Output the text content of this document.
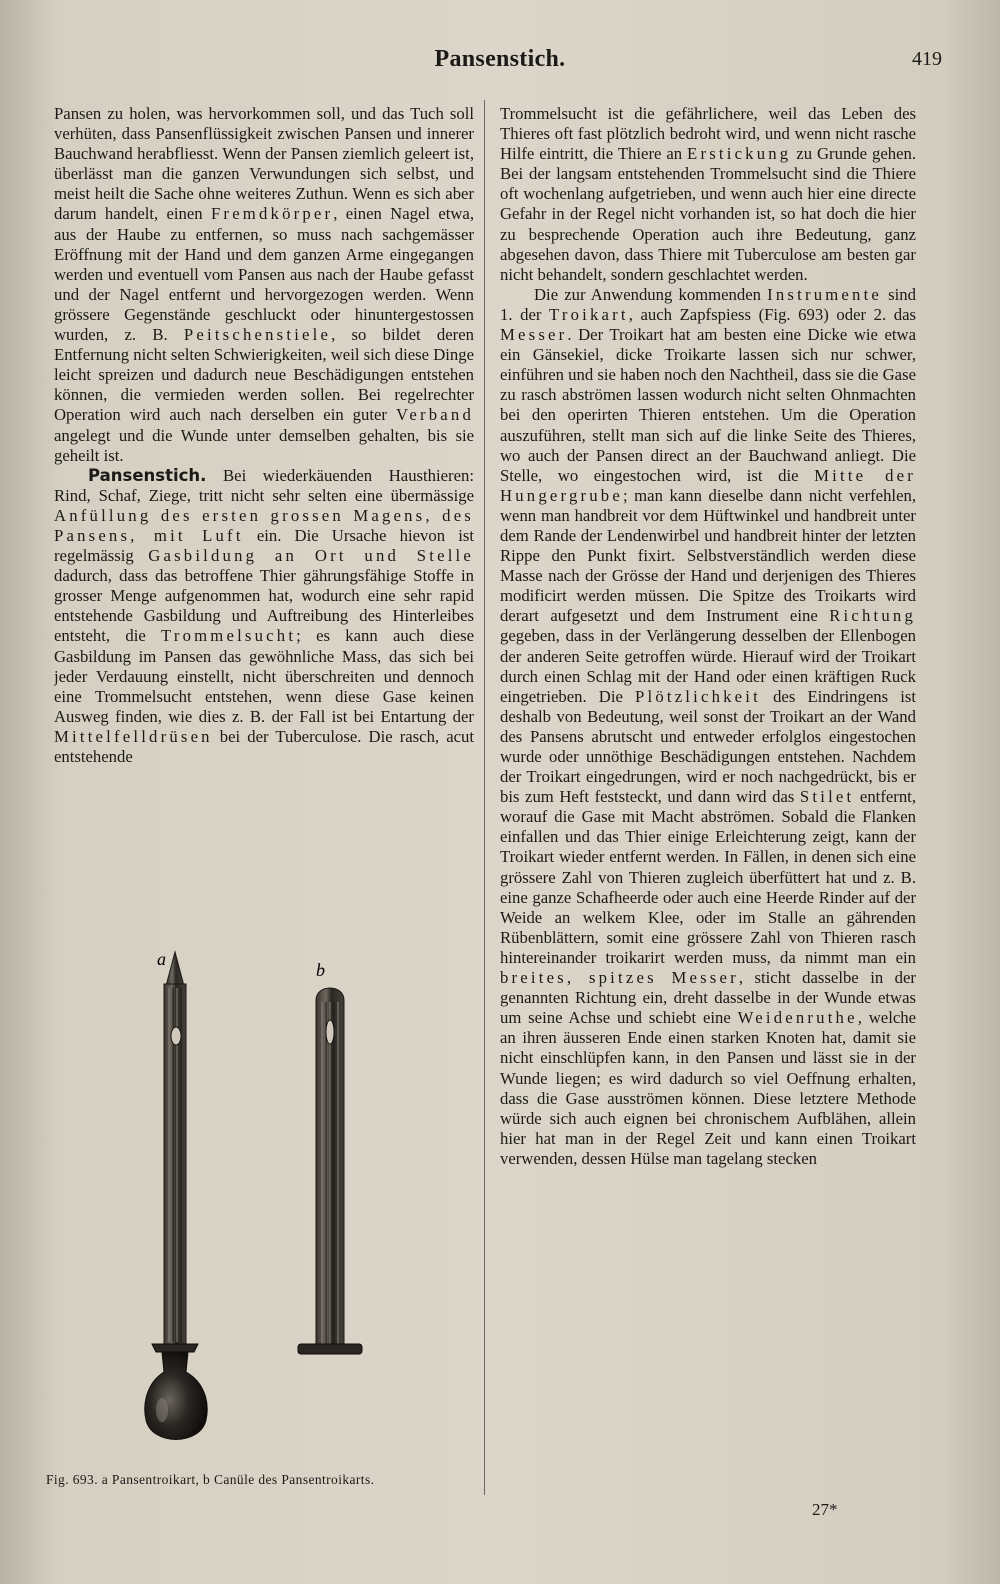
Pansenstich.	419

Pansen zu holen, was hervorkommen soll, und das Tuch soll verhüten, dass Pansenflüssigkeit zwischen Pansen und innerer Bauchwand herabfliesst. Wenn der Pansen ziemlich geleert ist, überlässt man die ganzen Verwundungen sich selbst, und meist heilt die Sache ohne weiteres Zuthun. Wenn es sich aber darum handelt, einen Fremdkörper, einen Nagel etwa, aus der Haube zu entfernen, so muss nach sachgemässer Eröffnung mit der Hand und dem ganzen Arme eingegangen werden und eventuell vom Pansen aus nach der Haube gefasst und der Nagel entfernt und hervorgezogen werden. Wenn grössere Gegenstände geschluckt oder hinuntergestossen wurden, z. B. Peitschenstiele, so bildet deren Entfernung nicht selten Schwierigkeiten, weil sich diese Dinge leicht spreizen und dadurch neue Beschädigungen entstehen können, die vermieden werden sollen. Bei regelrechter Operation wird auch nach derselben ein guter Verband angelegt und die Wunde unter demselben gehalten, bis sie geheilt ist.

Pansenstich. Bei wiederkäuenden Hausthieren: Rind, Schaf, Ziege, tritt nicht sehr selten eine übermässige Anfüllung des ersten grossen Magens, des Pansens, mit Luft ein. Die Ursache hievon ist regelmässig Gasbildung an Ort und Stelle dadurch, dass das betroffene Thier gährungsfähige Stoffe in grosser Menge aufgenommen hat, wodurch eine sehr rapid entstehende Gasbildung und Auftreibung des Hinterleibes entsteht, die Trommelsucht; es kann auch diese Gasbildung im Pansen das gewöhnliche Mass, das sich bei jeder Verdauung einstellt, nicht überschreiten und dennoch eine Trommelsucht entstehen, wenn diese Gase keinen Ausweg finden, wie dies z. B. der Fall ist bei Entartung der Mittelfelldrüsen bei der Tuberculose. Die rasch, acut entstehende

Trommelsucht ist die gefährlichere, weil das Leben des Thieres oft fast plötzlich bedroht wird, und wenn nicht rasche Hilfe eintritt, die Thiere an Erstickung zu Grunde gehen. Bei der langsam entstehenden Trommelsucht sind die Thiere oft wochenlang aufgetrieben, und wenn auch hier eine directe Gefahr in der Regel nicht vorhanden ist, so hat doch die hier zu besprechende Operation auch ihre Bedeutung, ganz abgesehen davon, dass Thiere mit Tuberculose am besten gar nicht behandelt, sondern geschlachtet werden.

Die zur Anwendung kommenden Instrumente sind 1. der Troikart, auch Zapfspiess (Fig. 693) oder 2. das Messer. Der Troikart hat am besten eine Dicke wie etwa ein Gänsekiel, dicke Troikarte lassen sich nur schwer, einführen und sie haben noch den Nachtheil, dass sie die Gase zu rasch abströmen lassen wodurch nicht selten Ohnmachten bei den operirten Thieren entstehen. Um die Operation auszuführen, stellt man sich auf die linke Seite des Thieres, wo auch der Pansen direct an der Bauchwand anliegt. Die Stelle, wo eingestochen wird, ist die Mitte der Hungergrube; man kann dieselbe dann nicht verfehlen, wenn man handbreit vor dem Hüftwinkel und handbreit unter dem Rande der Lendenwirbel und handbreit hinter der letzten Rippe den Punkt fixirt. Selbstverständlich werden diese Masse nach der Grösse der Hand und derjenigen des Thieres modificirt werden müssen. Die Spitze des Troikarts wird derart aufgesetzt und dem Instrument eine Richtung gegeben, dass in der Verlängerung desselben der Ellenbogen der anderen Seite getroffen würde. Hierauf wird der Troikart durch einen Schlag mit der Hand oder einen kräftigen Ruck eingetrieben. Die Plötzlichkeit des Eindringens ist deshalb von Bedeutung, weil sonst der Troikart an der Wand des Pansens abrutscht und entweder erfolglos eingestochen wurde oder unnöthige Beschädigungen entstehen. Nachdem der Troikart eingedrungen, wird er noch nachgedrückt, bis er bis zum Heft feststeckt, und dann wird das Stilet entfernt, worauf die Gase mit Macht abströmen. Sobald die Flanken einfallen und das Thier einige Erleichterung zeigt, kann der Troikart wieder entfernt werden. In Fällen, in denen sich eine grössere Zahl von Thieren zugleich überfüttert hat und z. B. eine ganze Schafheerde oder auch eine Heerde Rinder auf der Weide an welkem Klee, oder im Stalle an gährenden Rübenblättern, somit eine grössere Zahl von Thieren rasch hintereinander troikarirt werden muss, da nimmt man ein breites, spitzes Messer, sticht dasselbe in der genannten Richtung ein, dreht dasselbe in der Wunde etwas um seine Achse und schiebt eine Weidenruthe, welche an ihren äusseren Ende einen starken Knoten hat, damit sie nicht einschlüpfen kann, in den Pansen und lässt sie in der Wunde liegen; es wird dadurch so viel Oeffnung erhalten, dass die Gase ausströmen können. Diese letztere Methode würde sich auch eignen bei chronischem Aufblähen, allein hier hat man in der Regel Zeit und kann einen Troikart verwenden, dessen Hülse man tagelang stecken

a
b
Fig. 693. a Pansentroikart, b Canüle des Pansentroikarts.
27*
